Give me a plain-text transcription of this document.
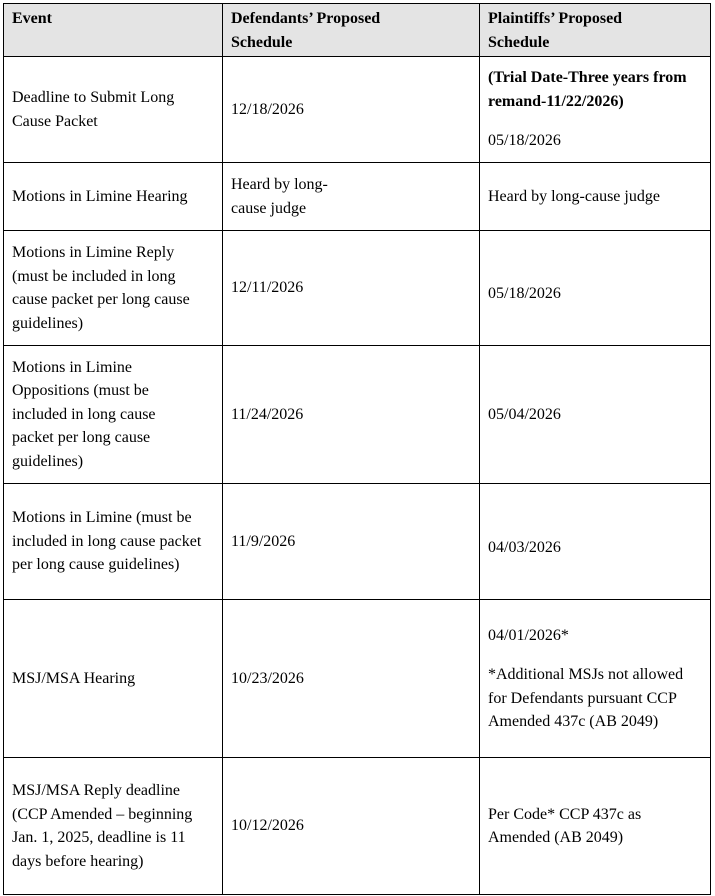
Event	Defendants’ Proposed Schedule	Plaintiffs’ Proposed Schedule

Deadline to Submit Long Cause Packet	12/18/2026	(Trial Date-Three years from remand-11/22/2026)

05/18/2026

Motions in Limine Hearing	Heard by long-cause judge	Heard by long-cause judge

Motions in Limine Reply (must be included in long cause packet per long cause guidelines)	12/11/2026	05/18/2026

Motions in Limine Oppositions (must be included in long cause packet per long cause guidelines)	11/24/2026	05/04/2026

Motions in Limine (must be included in long cause packet per long cause guidelines)	11/9/2026	04/03/2026
MSJ/MSA Hearing	10/23/2026	04/01/2026*

*Additional MSJs not allowed for Defendants pursuant CCP Amended 437c (AB 2049)

MSJ/MSA Reply deadline (CCP Amended – beginning Jan. 1, 2025, deadline is 11 days before hearing)	10/12/2026	Per Code* CCP 437c as Amended (AB 2049)
